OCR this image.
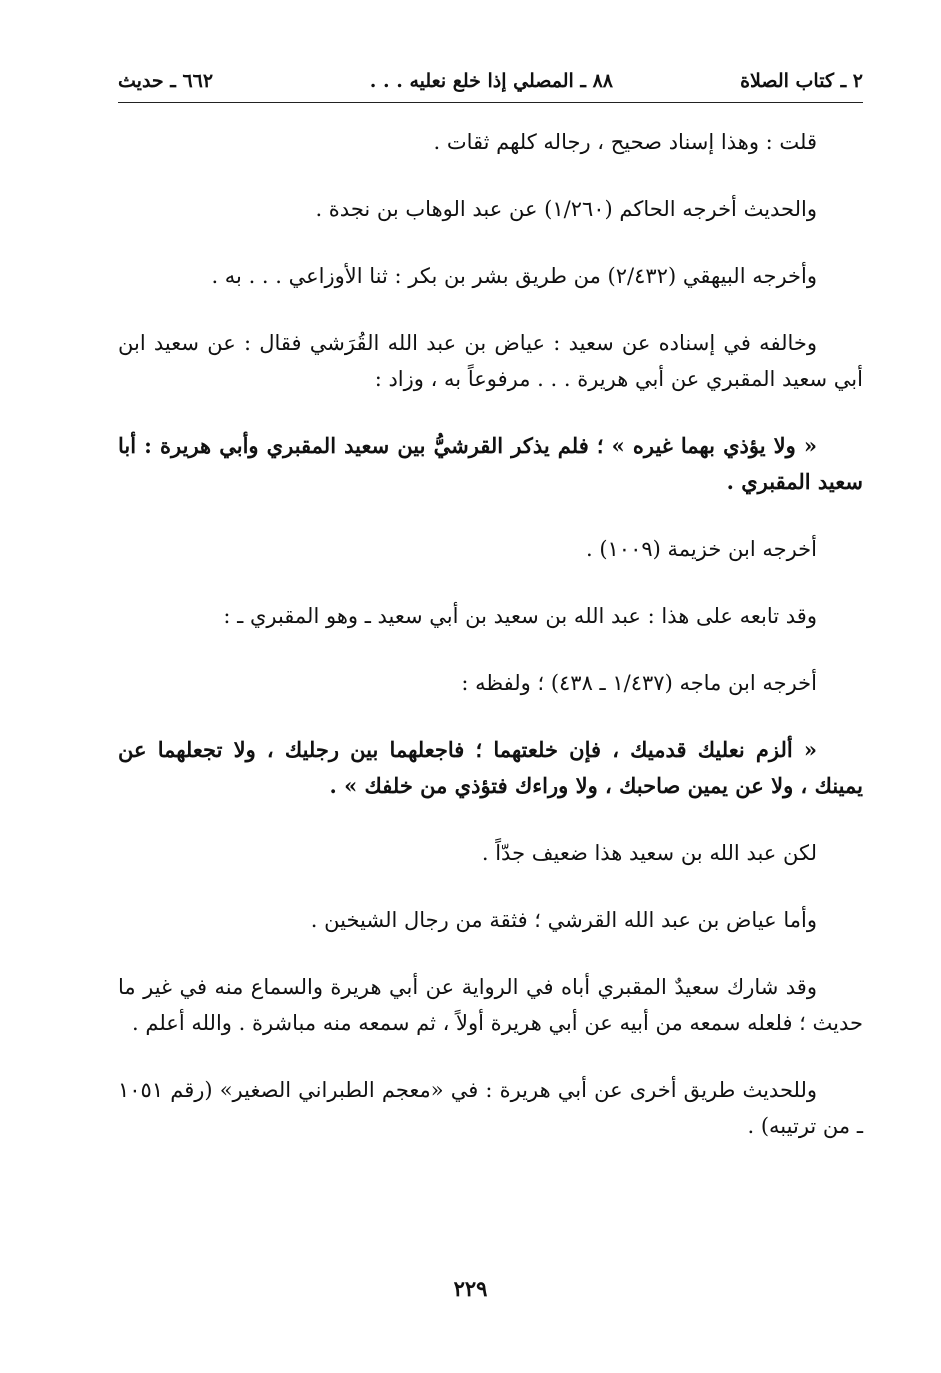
٢ ـ كتاب الصلاة
٨٨ ـ المصلي إذا خلع نعليه . . .
٦٦٢ ـ حديث

قلت : وهذا إسناد صحيح ، رجاله كلهم ثقات .

والحديث أخرجه الحاكم (١/٢٦٠) عن عبد الوهاب بن نجدة .

وأخرجه البيهقي (٢/٤٣٢) من طريق بشر بن بكر : ثنا الأوزاعي . . . به .

وخالفه في إسناده عن سعيد : عياض بن عبد الله القُرَشي فقال : عن سعيد ابن أبي سعيد المقبري عن أبي هريرة . . . مرفوعاً به ، وزاد :

« ولا يؤذي بهما غيره » ؛ فلم يذكر القرشيُّ بين سعيد المقبري وأبي هريرة : أبا سعيد المقبري .

أخرجه ابن خزيمة (١٠٠٩) .

وقد تابعه على هذا : عبد الله بن سعيد بن أبي سعيد ـ وهو المقبري ـ :

أخرجه ابن ماجه (١/٤٣٧ ـ ٤٣٨) ؛ ولفظه :

« ألزم نعليك قدميك ، فإن خلعتهما ؛ فاجعلهما بين رجليك ، ولا تجعلهما عن يمينك ، ولا عن يمين صاحبك ، ولا وراءك فتؤذي من خلفك » .

لكن عبد الله بن سعيد هذا ضعيف جدّاً .

وأما عياض بن عبد الله القرشي ؛ فثقة من رجال الشيخين .

وقد شارك سعيدٌ المقبري أباه في الرواية عن أبي هريرة والسماع منه في غير ما حديث ؛ فلعله سمعه من أبيه عن أبي هريرة أولاً ، ثم سمعه منه مباشرة . والله أعلم .

وللحديث طريق أخرى عن أبي هريرة : في «معجم الطبراني الصغير» (رقم ١٠٥١ ـ من ترتيبه) .

٢٢٩
